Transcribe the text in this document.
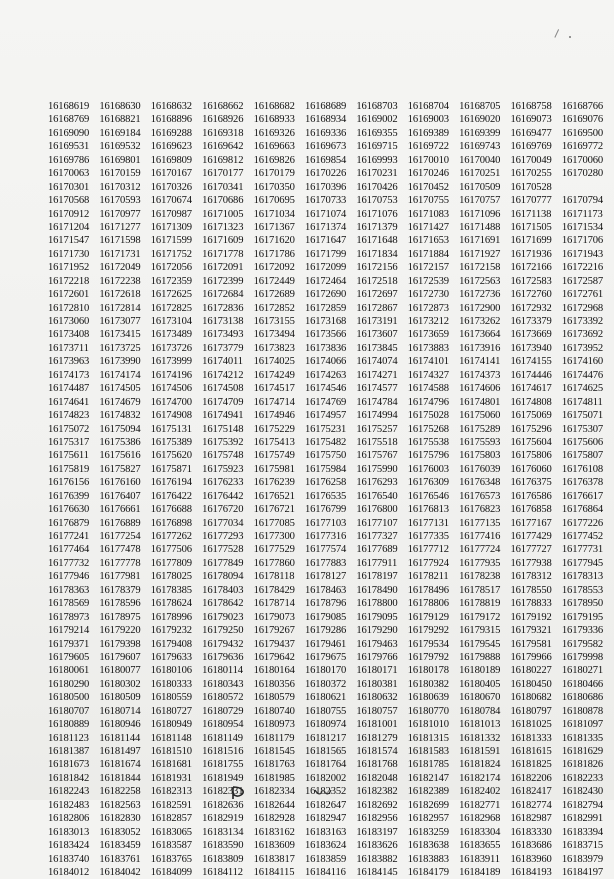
16168619 16168630 16168632 16168662 16168682 16168689 16168703 16168704 16168705 16168758 16168766
16168769 16168821 16168896 16168926 16168933 16168934 16169002 16169003 16169020 16169073 16169076
16169090 16169184 16169288 16169318 16169326 16169336 16169355 16169389 16169399 16169477 16169500
16169531 16169532 16169623 16169642 16169663 16169673 16169715 16169722 16169743 16169769 16169772
16169786 16169801 16169809 16169812 16169826 16169854 16169993 16170010 16170040 16170049 16170060
16170063 16170159 16170167 16170177 16170179 16170226 16170231 16170246 16170251 16170255 16170280
16170301 16170312 16170326 16170341 16170350 16170396 16170426 16170452 16170509 16170528
16170568 16170593 16170674 16170686 16170695 16170733 16170753 16170755 16170757 16170777 16170794
16170912 16170977 16170987 16171005 16171034 16171074 16171076 16171083 16171096 16171138 16171173
16171204 16171277 16171309 16171323 16171367 16171374 16171379 16171427 16171488 16171505 16171534
16171547 16171598 16171599 16171609 16171620 16171647 16171648 16171653 16171691 16171699 16171706
16171730 16171731 16171752 16171778 16171786 16171799 16171834 16171884 16171927 16171936 16171943
16171952 16172049 16172056 16172091 16172092 16172099 16172156 16172157 16172158 16172166 16172216
16172218 16172238 16172359 16172399 16172449 16172464 16172518 16172539 16172563 16172583 16172587
16172601 16172618 16172625 16172684 16172689 16172690 16172697 16172730 16172736 16172760 16172761
16172810 16172814 16172825 16172836 16172852 16172859 16172867 16172873 16172900 16172932 16172968
16173060 16173077 16173104 16173138 16173155 16173168 16173191 16173212 16173262 16173379 16173392
16173408 16173415 16173489 16173493 16173494 16173566 16173607 16173659 16173664 16173669 16173692
16173711 16173725 16173726 16173779 16173823 16173836 16173845 16173883 16173916 16173940 16173952
16173963 16173990 16173999 16174011 16174025 16174066 16174074 16174101 16174141 16174155 16174160
16174173 16174174 16174196 16174212 16174249 16174263 16174271 16174327 16174373 16174446 16174476
16174487 16174505 16174506 16174508 16174517 16174546 16174577 16174588 16174606 16174617 16174625
16174641 16174679 16174700 16174709 16174714 16174769 16174784 16174796 16174801 16174808 16174811
16174823 16174832 16174908 16174941 16174946 16174957 16174994 16175028 16175060 16175069 16175071
16175072 16175094 16175131 16175148 16175229 16175231 16175257 16175268 16175289 16175296 16175307
16175317 16175386 16175389 16175392 16175413 16175482 16175518 16175538 16175593 16175604 16175606
16175611 16175616 16175620 16175748 16175749 16175750 16175767 16175796 16175803 16175806 16175807
16175819 16175827 16175871 16175923 16175981 16175984 16175990 16176003 16176039 16176060 16176108
16176156 16176160 16176194 16176233 16176239 16176258 16176293 16176309 16176348 16176375 16176378
16176399 16176407 16176422 16176442 16176521 16176535 16176540 16176546 16176573 16176586 16176617
16176630 16176661 16176688 16176720 16176721 16176799 16176800 16176813 16176823 16176858 16176864
16176879 16176889 16176898 16177034 16177085 16177103 16177107 16177131 16177135 16177167 16177226
16177241 16177254 16177262 16177293 16177300 16177316 16177327 16177335 16177416 16177429 16177452
16177464 16177478 16177506 16177528 16177529 16177574 16177689 16177712 16177724 16177727 16177731
16177732 16177778 16177809 16177849 16177860 16177883 16177911 16177924 16177935 16177938 16177945
16177946 16177981 16178025 16178094 16178118 16178127 16178197 16178211 16178238 16178312 16178313
16178363 16178379 16178385 16178403 16178429 16178463 16178490 16178496 16178517 16178550 16178553
16178569 16178596 16178624 16178642 16178714 16178796 16178800 16178806 16178819 16178833 16178950
16178973 16178975 16178996 16179023 16179073 16179085 16179095 16179129 16179172 16179192 16179195
16179214 16179220 16179232 16179250 16179267 16179286 16179290 16179292 16179315 16179321 16179336
16179371 16179398 16179408 16179432 16179437 16179461 16179463 16179534 16179545 16179581 16179582
16179605 16179607 16179633 16179636 16179642 16179675 16179766 16179792 16179888 16179966 16179998
16180061 16180077 16180106 16180114 16180164 16180170 16180171 16180178 16180189 16180227 16180271
16180290 16180302 16180333 16180343 16180356 16180372 16180381 16180382 16180405 16180450 16180466
16180500 16180509 16180559 16180572 16180579 16180621 16180632 16180639 16180670 16180682 16180686
16180707 16180714 16180727 16180729 16180740 16180755 16180757 16180770 16180784 16180797 16180878
16180889 16180946 16180949 16180954 16180973 16180974 16181001 16181010 16181013 16181025 16181097
16181123 16181144 16181148 16181149 16181179 16181217 16181279 16181315 16181332 16181333 16181335
16181387 16181497 16181510 16181516 16181545 16181565 16181574 16181583 16181591 16181615 16181629
16181673 16181674 16181681 16181755 16181763 16181764 16181768 16181785 16181824 16181825 16181826
16181842 16181844 16181931 16181949 16181985 16182002 16182048 16182147 16182174 16182206 16182233
16182243 16182258 16182313 16182331 16182334 16182352 16182382 16182389 16182402 16182417 16182430
16182483 16182563 16182591 16182636 16182644 16182647 16182692 16182699 16182771 16182774 16182794
16182806 16182830 16182857 16182919 16182928 16182947 16182956 16182957 16182968 16182987 16182991
16183013 16183052 16183065 16183134 16183162 16183163 16183197 16183259 16183304 16183330 16183394
16183424 16183459 16183587 16183590 16183609 16183624 16183626 16183638 16183655 16183686 16183715
16183740 16183761 16183765 16183809 16183817 16183859 16183882 16183883 16183911 16183960 16183979
16184012 16184042 16184099 16184112 16184115 16184116 16184145 16184179 16184189 16184193 16184197
